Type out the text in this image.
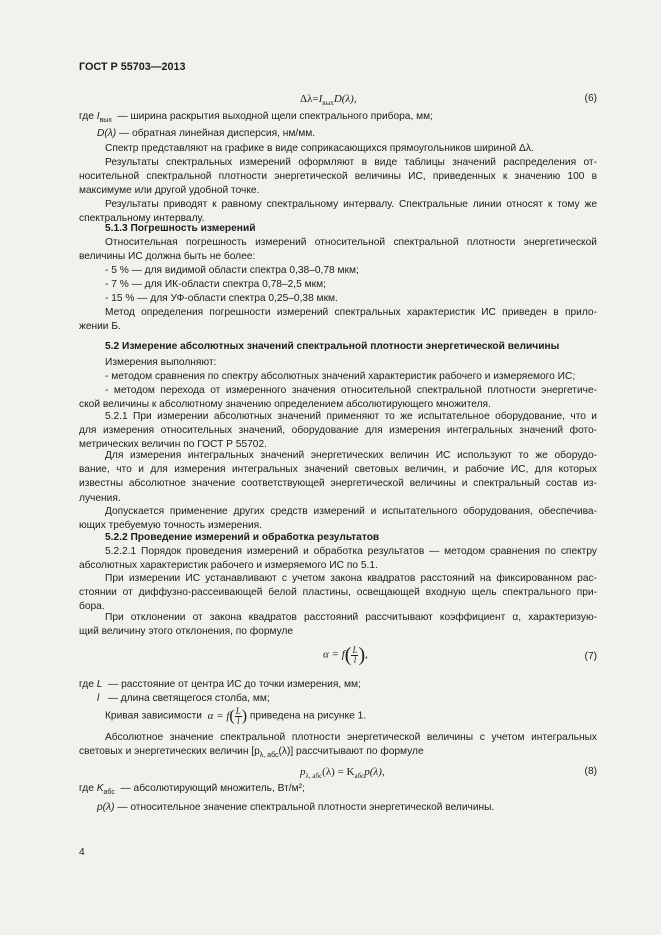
ГОСТ Р 55703—2013
$\Delta\lambda=I_{вых}D(\lambda)$,	(6)
где $I_{вых}$ — ширина раскрытия выходной щели спектрального прибора, мм;
D(λ) — обратная линейная дисперсия, нм/мм.
Спектр представляют на графике в виде соприкасающихся прямоугольников шириной Δλ.
Результаты спектральных измерений оформляют в виде таблицы значений распределения от-
носительной спектральной плотности энергетической величины ИС, приведенных к значению 100 в
максимуме или другой удобной точке.
Результаты приводят к равному спектральному интервалу. Спектральные линии относят к тому же
спектральному интервалу.
5.1.3 Погрешность измерений
Относительная погрешность измерений относительной спектральной плотности энергетической
величины ИС должна быть не более:
- 5 % — для видимой области спектра 0,38–0,78 мкм;
- 7 % — для ИК-области спектра 0,78–2,5 мкм;
- 15 % — для УФ-области спектра 0,25–0,38 мкм.
Метод определения погрешности измерений спектральных характеристик ИС приведен в прило-
жении Б.
5.2 Измерение абсолютных значений спектральной плотности энергетической величины
Измерения выполняют:
- методом сравнения по спектру абсолютных значений характеристик рабочего и измеряемого ИС;
- методом перехода от измеренного значения относительной спектральной плотности энергетиче-
ской величины к абсолютному значению определением абсолютирующего множителя.
5.2.1 При измерении абсолютных значений применяют то же испытательное оборудование, что и
для измерения относительных значений, оборудование для измерения интегральных значений фото-
метрических величин по ГОСТ Р 55702.
Для измерения интегральных значений энергетических величин ИС используют то же оборудо-
вание, что и для измерения интегральных значений световых величин, и рабочие ИС, для которых
известны абсолютное значение соответствующей энергетической величины и спектральный состав из-
лучения.
Допускается применение других средств измерений и испытательного оборудования, обеспечива-
ющих требуемую точность измерения.
5.2.2 Проведение измерений и обработка результатов
5.2.2.1 Порядок проведения измерений и обработка результатов — методом сравнения по спектру
абсолютных характеристик рабочего и измеряемого ИС по 5.1.
При измерении ИС устанавливают с учетом закона квадратов расстояний на фиксированном рас-
стоянии от диффузно-рассеивающей белой пластины, освещающей входную щель спектрального при-
бора.
При отклонении от закона квадратов расстояний рассчитывают коэффициент α, характеризую-
щий величину этого отклонения, по формуле
$\alpha = f( \frac{L}{l}$ ),	(7)
где L — расстояние от центра ИС до точки измерения, мм;
l — длина светящегося столба, мм;
Кривая зависимости $\alpha = f( \frac{L}{l}$ ) приведена на рисунке 1.
Абсолютное значение спектральной плотности энергетической величины с учетом интегральных
световых и энергетических величин $[p_{\lambda, абс}(\lambda)]$ рассчитывают по формуле
$p_{\lambda, абс}(\lambda) = K_{абс}p(\lambda)$,	(8)
где $K_{абс}$ — абсолютирующий множитель, Вт/м²;
p(λ) — относительное значение спектральной плотности энергетической величины.
4
